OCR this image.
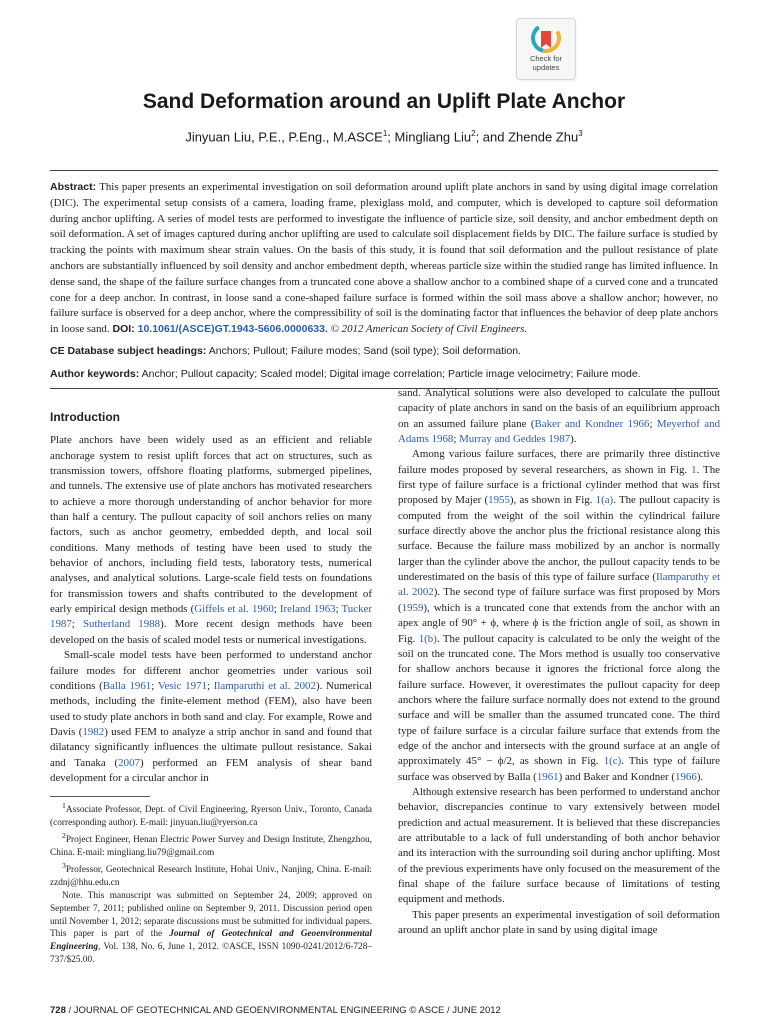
Check for
updates
Sand Deformation around an Uplift Plate Anchor
Jinyuan Liu, P.E., P.Eng., M.ASCE$^1$; Mingliang Liu$^2$; and Zhende Zhu$^3$
Abstract: This paper presents an experimental investigation on soil deformation around uplift plate anchors in sand by using digital image correlation (DIC). The experimental setup consists of a camera, loading frame, plexiglass mold, and computer, which is developed to capture soil deformation during anchor uplifting. A series of model tests are performed to investigate the influence of particle size, soil density, and anchor embedment depth on soil deformation. A set of images captured during anchor uplifting are used to calculate soil displacement fields by DIC. The failure surface is studied by tracking the points with maximum shear strain values. On the basis of this study, it is found that soil deformation and the pullout resistance of plate anchors are substantially influenced by soil density and anchor embedment depth, whereas particle size within the studied range has limited influence. In dense sand, the shape of the failure surface changes from a truncated cone above a shallow anchor to a combined shape of a curved cone and a truncated cone for a deep anchor. In contrast, in loose sand a cone-shaped failure surface is formed within the soil mass above a shallow anchor; however, no failure surface is observed for a deep anchor, where the compressibility of soil is the dominating factor that influences the behavior of deep plate anchors in loose sand. DOI: 10.1061/(ASCE)GT.1943-5606.0000633. © 2012 American Society of Civil Engineers.
CE Database subject headings: Anchors; Pullout; Failure modes; Sand (soil type); Soil deformation.
Author keywords: Anchor; Pullout capacity; Scaled model; Digital image correlation; Particle image velocimetry; Failure mode.
Introduction

Plate anchors have been widely used as an efficient and reliable anchorage system to resist uplift forces that act on structures, such as transmission towers, offshore floating platforms, submerged pipelines, and tunnels. The extensive use of plate anchors has motivated researchers to achieve a more thorough understanding of anchor behavior for more than half a century. The pullout capacity of soil anchors relies on many factors, such as anchor geometry, embedded depth, and local soil conditions. Many methods of testing have been used to study the behavior of anchors, including field tests, laboratory tests, numerical analyses, and analytical solutions. Large-scale field tests on foundations for transmission towers and shafts contributed to the development of early empirical design methods (Giffels et al. 1960; Ireland 1963; Tucker 1987; Sutherland 1988). More recent design methods have been developed on the basis of scaled model tests or numerical investigations.

Small-scale model tests have been performed to understand anchor failure modes for different anchor geometries under various soil conditions (Balla 1961; Vesic 1971; Ilamparuthi et al. 2002). Numerical methods, including the finite-element method (FEM), also have been used to study plate anchors in both sand and clay. For example, Rowe and Davis (1982) used FEM to analyze a strip anchor in sand and found that dilatancy significantly influences the ultimate pullout resistance. Sakai and Tanaka (2007) performed an FEM analysis of shear band development for a circular anchor in

$^1$Associate Professor, Dept. of Civil Engineering, Ryerson Univ., Toronto, Canada (corresponding author). E-mail: jinyuan.liu@ryerson.ca

$^2$Project Engineer, Henan Electric Power Survey and Design Institute, Zhengzhou, China. E-mail: mingliang.liu79@gmail.com

$^3$Professor, Geotechnical Research Institute, Hohai Univ., Nanjing, China. E-mail: zzdnj@hhu.edu.cn

Note. This manuscript was submitted on September 24, 2009; approved on September 7, 2011; published online on September 9, 2011. Discussion period open until November 1, 2012; separate discussions must be submitted for individual papers. This paper is part of the Journal of Geotechnical and Geoenvironmental Engineering, Vol. 138, No. 6, June 1, 2012. ©ASCE, ISSN 1090-0241/2012/6-728–737/$25.00.

sand. Analytical solutions were also developed to calculate the pullout capacity of plate anchors in sand on the basis of an equilibrium approach on an assumed failure plane (Baker and Kondner 1966; Meyerhof and Adams 1968; Murray and Geddes 1987).

Among various failure surfaces, there are primarily three distinctive failure modes proposed by several researchers, as shown in Fig. 1. The first type of failure surface is a frictional cylinder method that was first proposed by Majer (1955), as shown in Fig. 1(a). The pullout capacity is computed from the weight of the soil within the cylindrical failure surface directly above the anchor plus the frictional resistance along this surface. Because the failure mass mobilized by an anchor is normally larger than the cylinder above the anchor, the pullout capacity tends to be underestimated on the basis of this type of failure surface (Ilamparuthy et al. 2002). The second type of failure surface was first proposed by Mors (1959), which is a truncated cone that extends from the anchor with an apex angle of 90° + ϕ, where ϕ is the friction angle of soil, as shown in Fig. 1(b). The pullout capacity is calculated to be only the weight of the soil on the truncated cone. The Mors method is usually too conservative for shallow anchors because it ignores the frictional force along the failure surface. However, it overestimates the pullout capacity for deep anchors where the failure surface normally does not extend to the ground surface and will be smaller than the assumed truncated cone. The third type of failure surface is a circular failure surface that extends from the edge of the anchor and intersects with the ground surface at an angle of approximately 45° − ϕ/2, as shown in Fig. 1(c). This type of failure surface was observed by Balla (1961) and Baker and Kondner (1966).

Although extensive research has been performed to understand anchor behavior, discrepancies continue to vary extensively between model prediction and actual measurement. It is believed that these discrepancies are attributable to a lack of full understanding of both anchor behavior and its interaction with the surrounding soil during anchor uplifting. Most of the previous experiments have only focused on the measurement of the final shape of the failure surface because of limitations of testing equipment and methods.

This paper presents an experimental investigation of soil deformation around an uplift anchor plate in sand by using digital image

728 / JOURNAL OF GEOTECHNICAL AND GEOENVIRONMENTAL ENGINEERING © ASCE / JUNE 2012
